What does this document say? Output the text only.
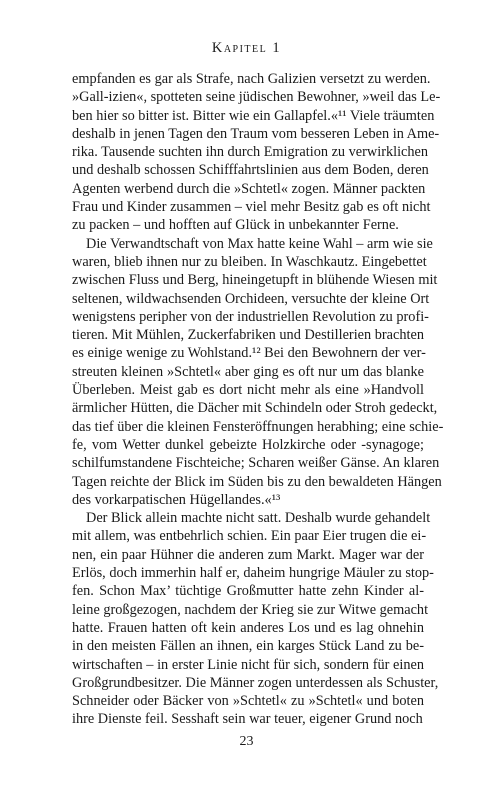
Kapitel 1
empfanden es gar als Strafe, nach Galizien versetzt zu werden.
»Gall-izien«, spotteten seine jüdischen Bewohner, »weil das Le-
ben hier so bitter ist. Bitter wie ein Gallapfel.«¹¹ Viele träumten
deshalb in jenen Tagen den Traum vom besseren Leben in Ame-
rika. Tausende suchten ihn durch Emigration zu verwirklichen
und deshalb schossen Schifffahrtslinien aus dem Boden, deren
Agenten werbend durch die »Schtetl« zogen. Männer packten
Frau und Kinder zusammen – viel mehr Besitz gab es oft nicht
zu packen – und hofften auf Glück in unbekannter Ferne.
Die Verwandtschaft von Max hatte keine Wahl – arm wie sie
waren, blieb ihnen nur zu bleiben. In Waschkautz. Eingebettet
zwischen Fluss und Berg, hineingetupft in blühende Wiesen mit
seltenen, wildwachsenden Orchideen, versuchte der kleine Ort
wenigstens peripher von der industriellen Revolution zu profi-
tieren. Mit Mühlen, Zuckerfabriken und Destillerien brachten
es einige wenige zu Wohlstand.¹² Bei den Bewohnern der ver-
streuten kleinen »Schtetl« aber ging es oft nur um das blanke
Überleben. Meist gab es dort nicht mehr als eine »Handvoll
ärmlicher Hütten, die Dächer mit Schindeln oder Stroh gedeckt,
das tief über die kleinen Fensteröffnungen herabhing; eine schie-
fe, vom Wetter dunkel gebeizte Holzkirche oder -synagoge;
schilfumstandene Fischteiche; Scharen weißer Gänse. An klaren
Tagen reichte der Blick im Süden bis zu den bewaldeten Hängen
des vorkarpatischen Hügellandes.«¹³
Der Blick allein machte nicht satt. Deshalb wurde gehandelt
mit allem, was entbehrlich schien. Ein paar Eier trugen die ei-
nen, ein paar Hühner die anderen zum Markt. Mager war der
Erlös, doch immerhin half er, daheim hungrige Mäuler zu stop-
fen. Schon Max’ tüchtige Großmutter hatte zehn Kinder al-
leine großgezogen, nachdem der Krieg sie zur Witwe gemacht
hatte. Frauen hatten oft kein anderes Los und es lag ohnehin
in den meisten Fällen an ihnen, ein karges Stück Land zu be-
wirtschaften – in erster Linie nicht für sich, sondern für einen
Großgrundbesitzer. Die Männer zogen unterdessen als Schuster,
Schneider oder Bäcker von »Schtetl« zu »Schtetl« und boten
ihre Dienste feil. Sesshaft sein war teuer, eigener Grund noch
23
